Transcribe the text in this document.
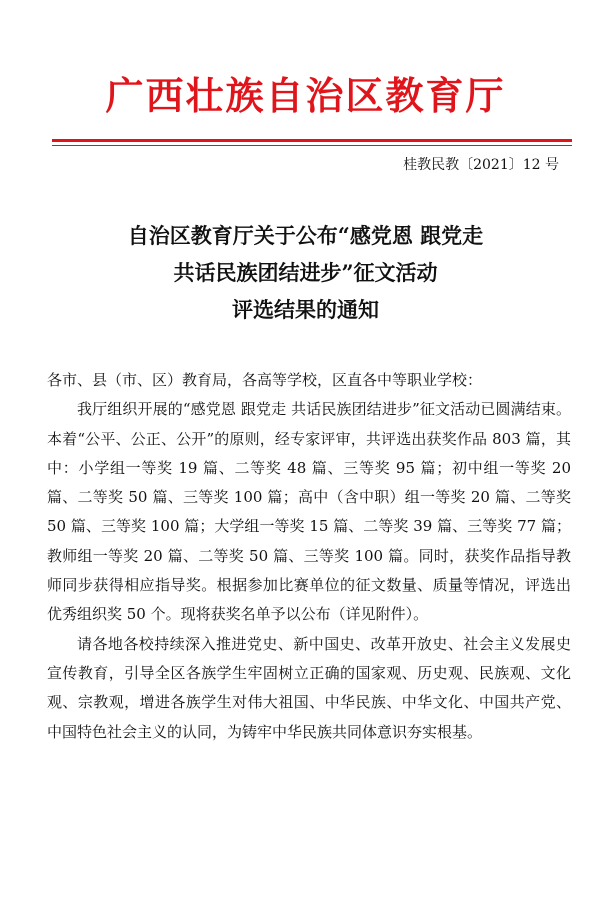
广西壮族自治区教育厅
桂教民教〔2021〕12 号
自治区教育厅关于公布“感党恩 跟党走
共话民族团结进步”征文活动
评选结果的通知

各市、县（市、区）教育局，各高等学校，区直各中等职业学校：

我厅组织开展的“感党恩 跟党走 共话民族团结进步”征文活动已圆满结束。本着“公平、公正、公开”的原则，经专家评审，共评选出获奖作品 803 篇，其中：小学组一等奖 19 篇、二等奖 48 篇、三等奖 95 篇；初中组一等奖 20 篇、二等奖 50 篇、三等奖 100 篇；高中（含中职）组一等奖 20 篇、二等奖 50 篇、三等奖 100 篇；大学组一等奖 15 篇、二等奖 39 篇、三等奖 77 篇；教师组一等奖 20 篇、二等奖 50 篇、三等奖 100 篇。同时，获奖作品指导教师同步获得相应指导奖。根据参加比赛单位的征文数量、质量等情况，评选出优秀组织奖 50 个。现将获奖名单予以公布（详见附件）。

请各地各校持续深入推进党史、新中国史、改革开放史、社会主义发展史宣传教育，引导全区各族学生牢固树立正确的国家观、历史观、民族观、文化观、宗教观，增进各族学生对伟大祖国、中华民族、中华文化、中国共产党、中国特色社会主义的认同，为铸牢中华民族共同体意识夯实根基。
